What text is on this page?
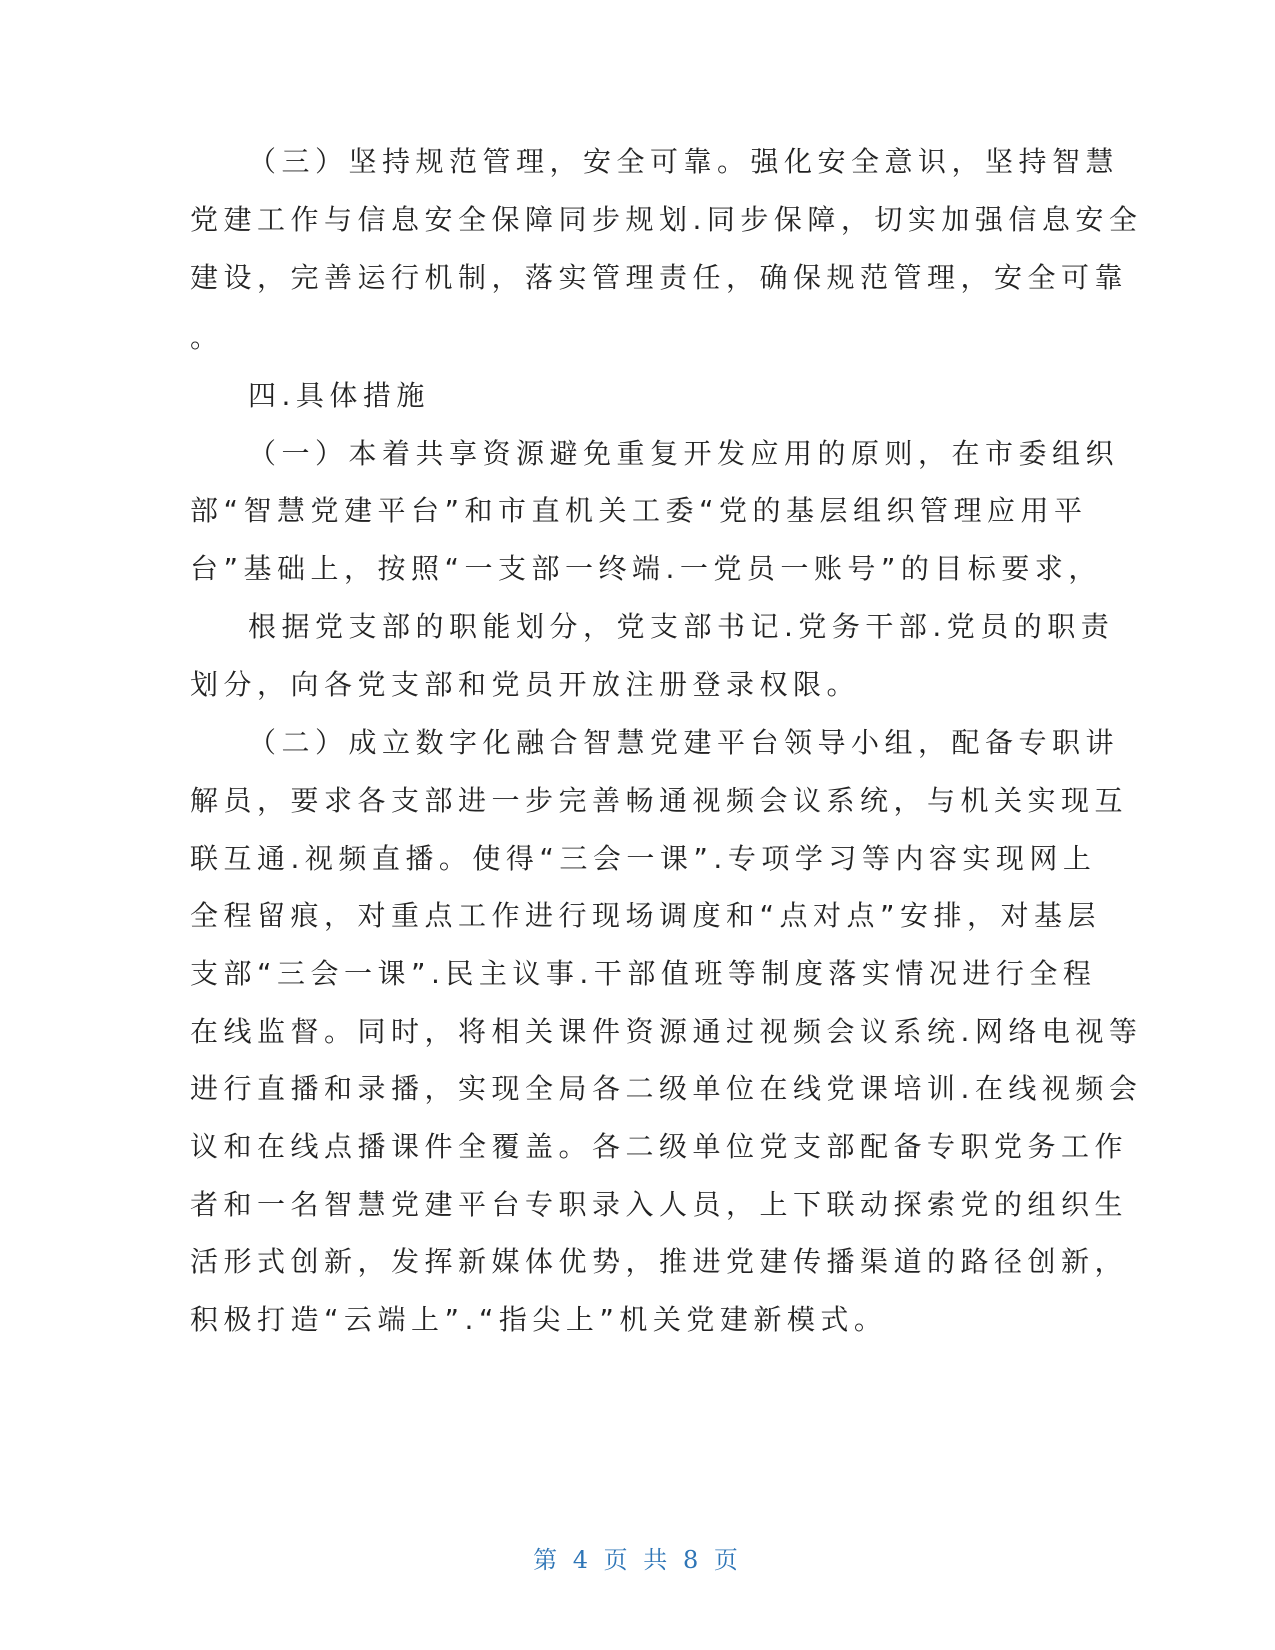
（三）坚持规范管理，安全可靠。强化安全意识，坚持智慧
党建工作与信息安全保障同步规划.同步保障，切实加强信息安全
建设，完善运行机制，落实管理责任，确保规范管理，安全可靠
。
四.具体措施
（一）本着共享资源避免重复开发应用的原则，在市委组织
部“智慧党建平台”和市直机关工委“党的基层组织管理应用平
台”基础上，按照“一支部一终端.一党员一账号”的目标要求，
根据党支部的职能划分，党支部书记.党务干部.党员的职责
划分，向各党支部和党员开放注册登录权限。
（二）成立数字化融合智慧党建平台领导小组，配备专职讲
解员，要求各支部进一步完善畅通视频会议系统，与机关实现互
联互通.视频直播。使得“三会一课”.专项学习等内容实现网上
全程留痕，对重点工作进行现场调度和“点对点”安排，对基层
支部“三会一课”.民主议事.干部值班等制度落实情况进行全程
在线监督。同时，将相关课件资源通过视频会议系统.网络电视等
进行直播和录播，实现全局各二级单位在线党课培训.在线视频会
议和在线点播课件全覆盖。各二级单位党支部配备专职党务工作
者和一名智慧党建平台专职录入人员，上下联动探索党的组织生
活形式创新，发挥新媒体优势，推进党建传播渠道的路径创新，
积极打造“云端上”.“指尖上”机关党建新模式。
第 4 页 共 8 页
